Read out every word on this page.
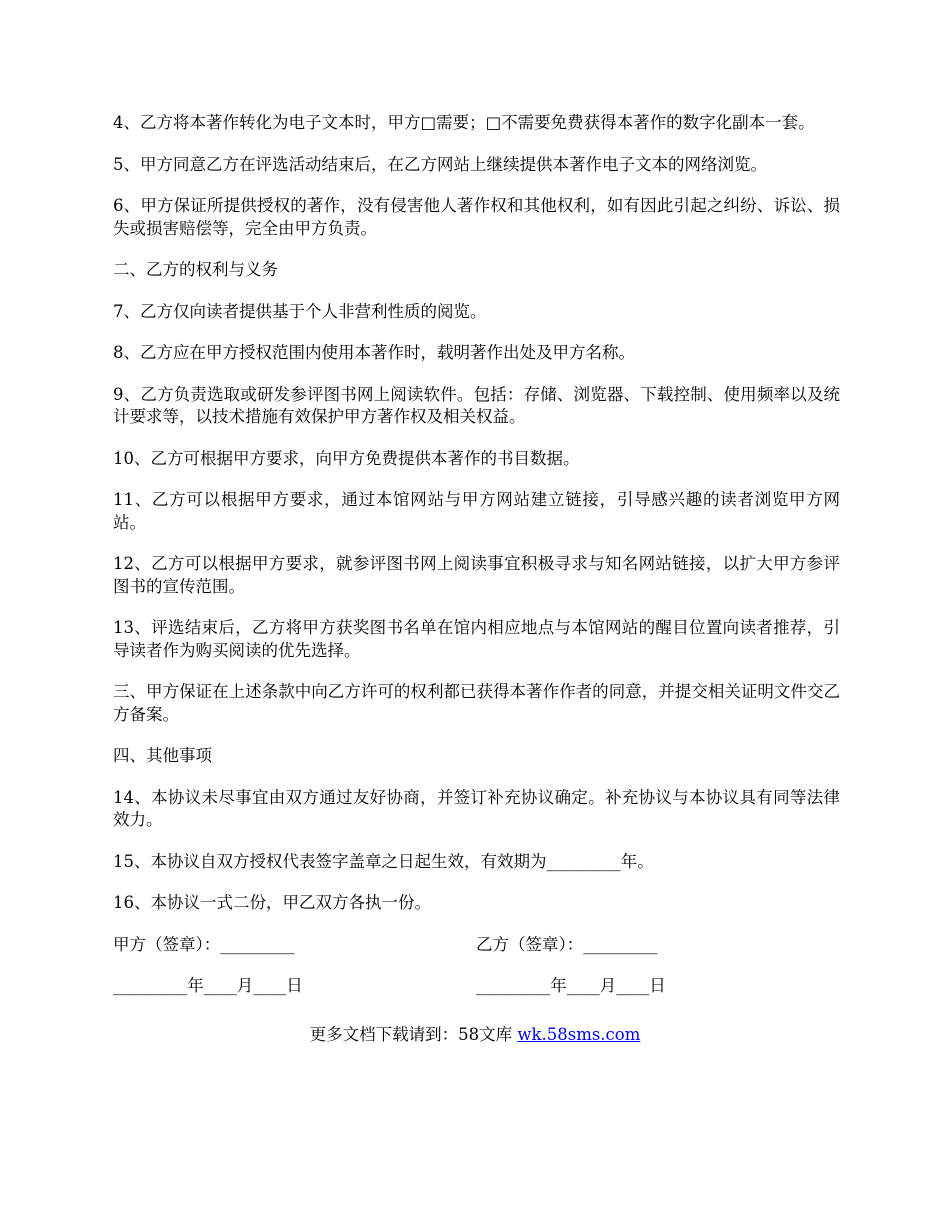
4、乙方将本著作转化为电子文本时，甲方□需要；□不需要免费获得本著作的数字化副本一套。

5、甲方同意乙方在评选活动结束后，在乙方网站上继续提供本著作电子文本的网络浏览。

6、甲方保证所提供授权的著作，没有侵害他人著作权和其他权利，如有因此引起之纠纷、诉讼、损失或损害赔偿等，完全由甲方负责。

二、乙方的权利与义务

7、乙方仅向读者提供基于个人非营利性质的阅览。

8、乙方应在甲方授权范围内使用本著作时，载明著作出处及甲方名称。

9、乙方负责选取或研发参评图书网上阅读软件。包括：存储、浏览器、下载控制、使用频率以及统计要求等，以技术措施有效保护甲方著作权及相关权益。

10、乙方可根据甲方要求，向甲方免费提供本著作的书目数据。

11、乙方可以根据甲方要求，通过本馆网站与甲方网站建立链接，引导感兴趣的读者浏览甲方网站。

12、乙方可以根据甲方要求，就参评图书网上阅读事宜积极寻求与知名网站链接，以扩大甲方参评图书的宣传范围。

13、评选结束后，乙方将甲方获奖图书名单在馆内相应地点与本馆网站的醒目位置向读者推荐，引导读者作为购买阅读的优先选择。

三、甲方保证在上述条款中向乙方许可的权利都已获得本著作作者的同意，并提交相关证明文件交乙方备案。

四、其他事项

14、本协议未尽事宜由双方通过友好协商，并签订补充协议确定。补充协议与本协议具有同等法律效力。

15、本协议自双方授权代表签字盖章之日起生效，有效期为_________年。

16、本协议一式二份，甲乙双方各执一份。

甲方（签章）：_________	乙方（签章）：_________
_________年____月____日	_________年____月____日
更多文档下载请到：58文库 wk.58sms.com
